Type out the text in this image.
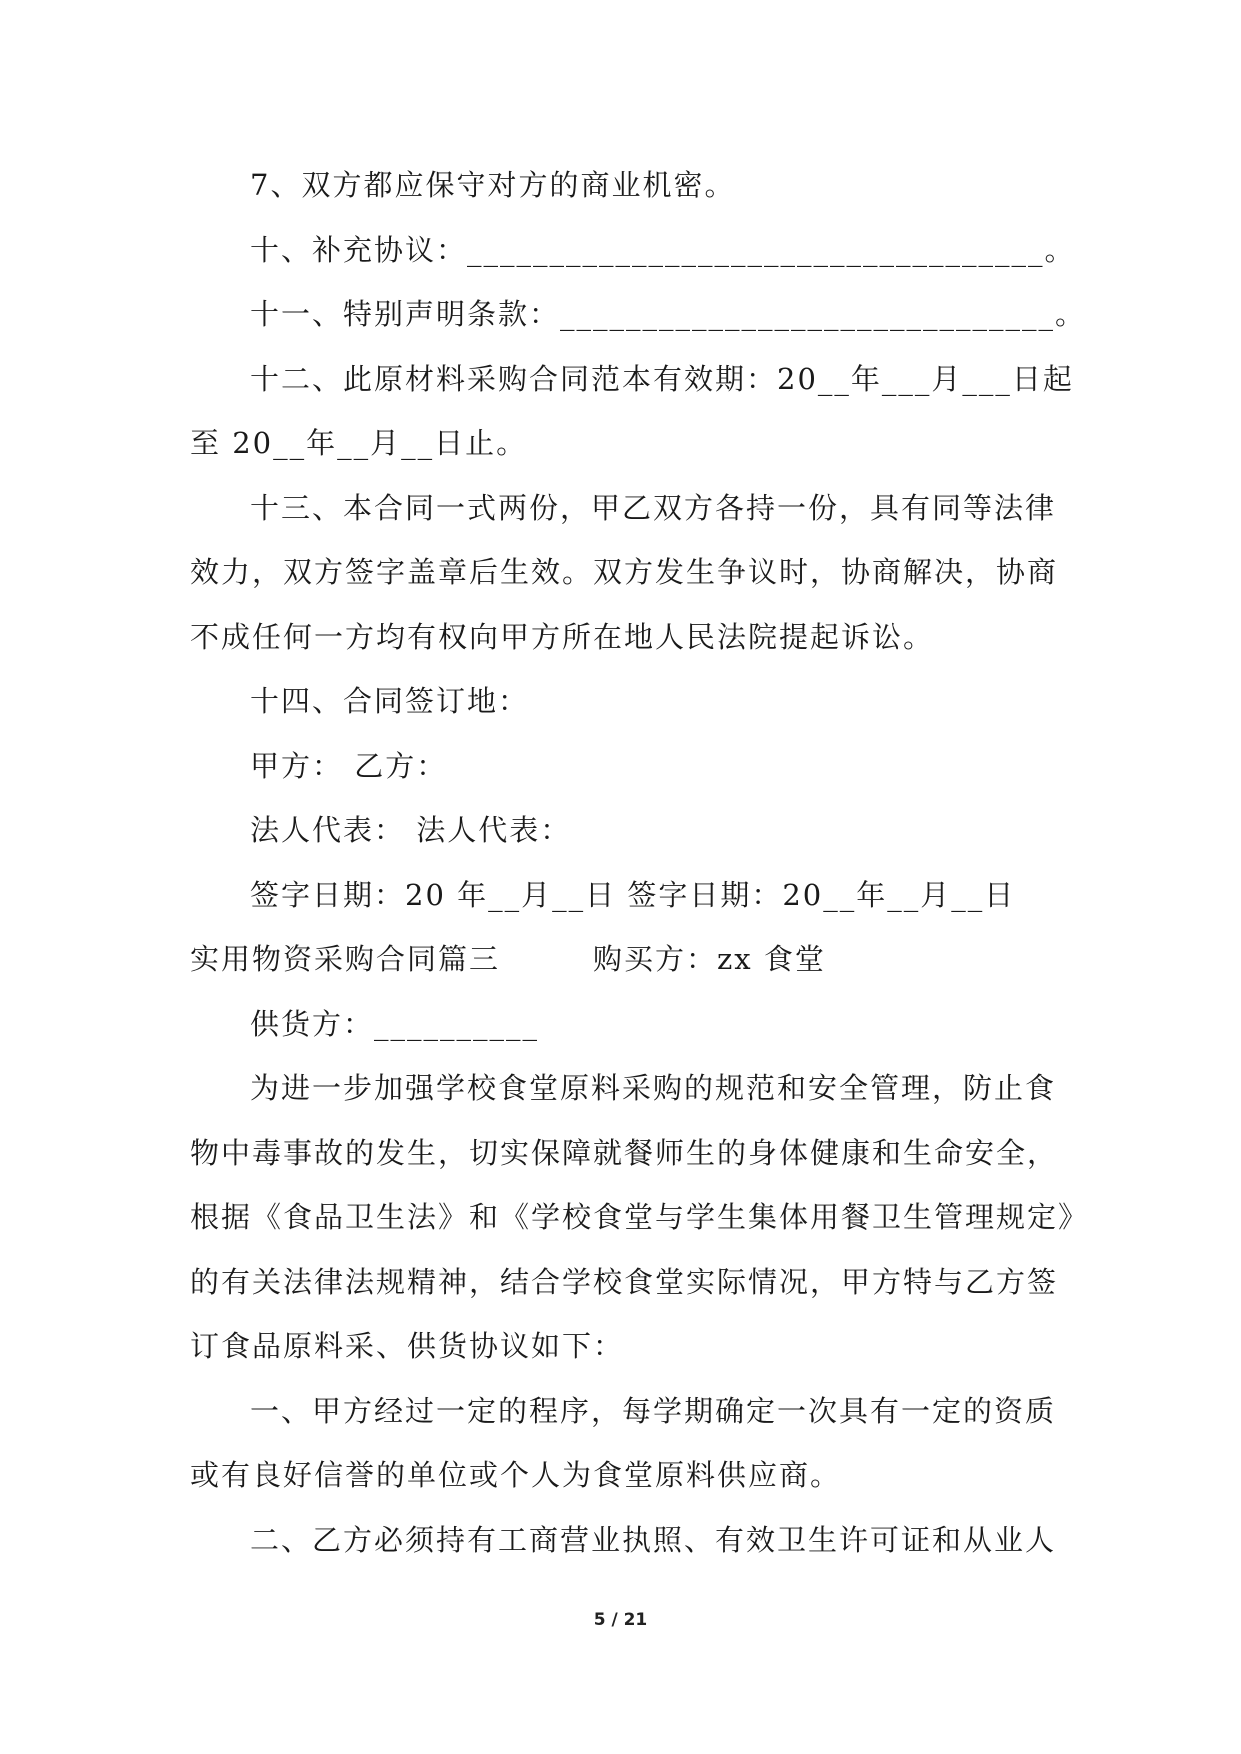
7、双方都应保守对方的商业机密。
十、补充协议：___________________________________。
十一、特别声明条款：______________________________。
十二、此原材料采购合同范本有效期：20__年___月___日起
至 20__年__月__日止。
十三、本合同一式两份，甲乙双方各持一份，具有同等法律
效力，双方签字盖章后生效。双方发生争议时，协商解决，协商
不成任何一方均有权向甲方所在地人民法院提起诉讼。
十四、合同签订地：
甲方： 乙方：
法人代表： 法人代表：
签字日期：20 年__月__日 签字日期：20__年__月__日
实用物资采购合同篇三　　　购买方：zx 食堂
供货方：__________
为进一步加强学校食堂原料采购的规范和安全管理，防止食
物中毒事故的发生，切实保障就餐师生的身体健康和生命安全，
根据《食品卫生法》和《学校食堂与学生集体用餐卫生管理规定》
的有关法律法规精神，结合学校食堂实际情况，甲方特与乙方签
订食品原料采、供货协议如下：
一、甲方经过一定的程序，每学期确定一次具有一定的资质
或有良好信誉的单位或个人为食堂原料供应商。
二、乙方必须持有工商营业执照、有效卫生许可证和从业人
5 / 21
